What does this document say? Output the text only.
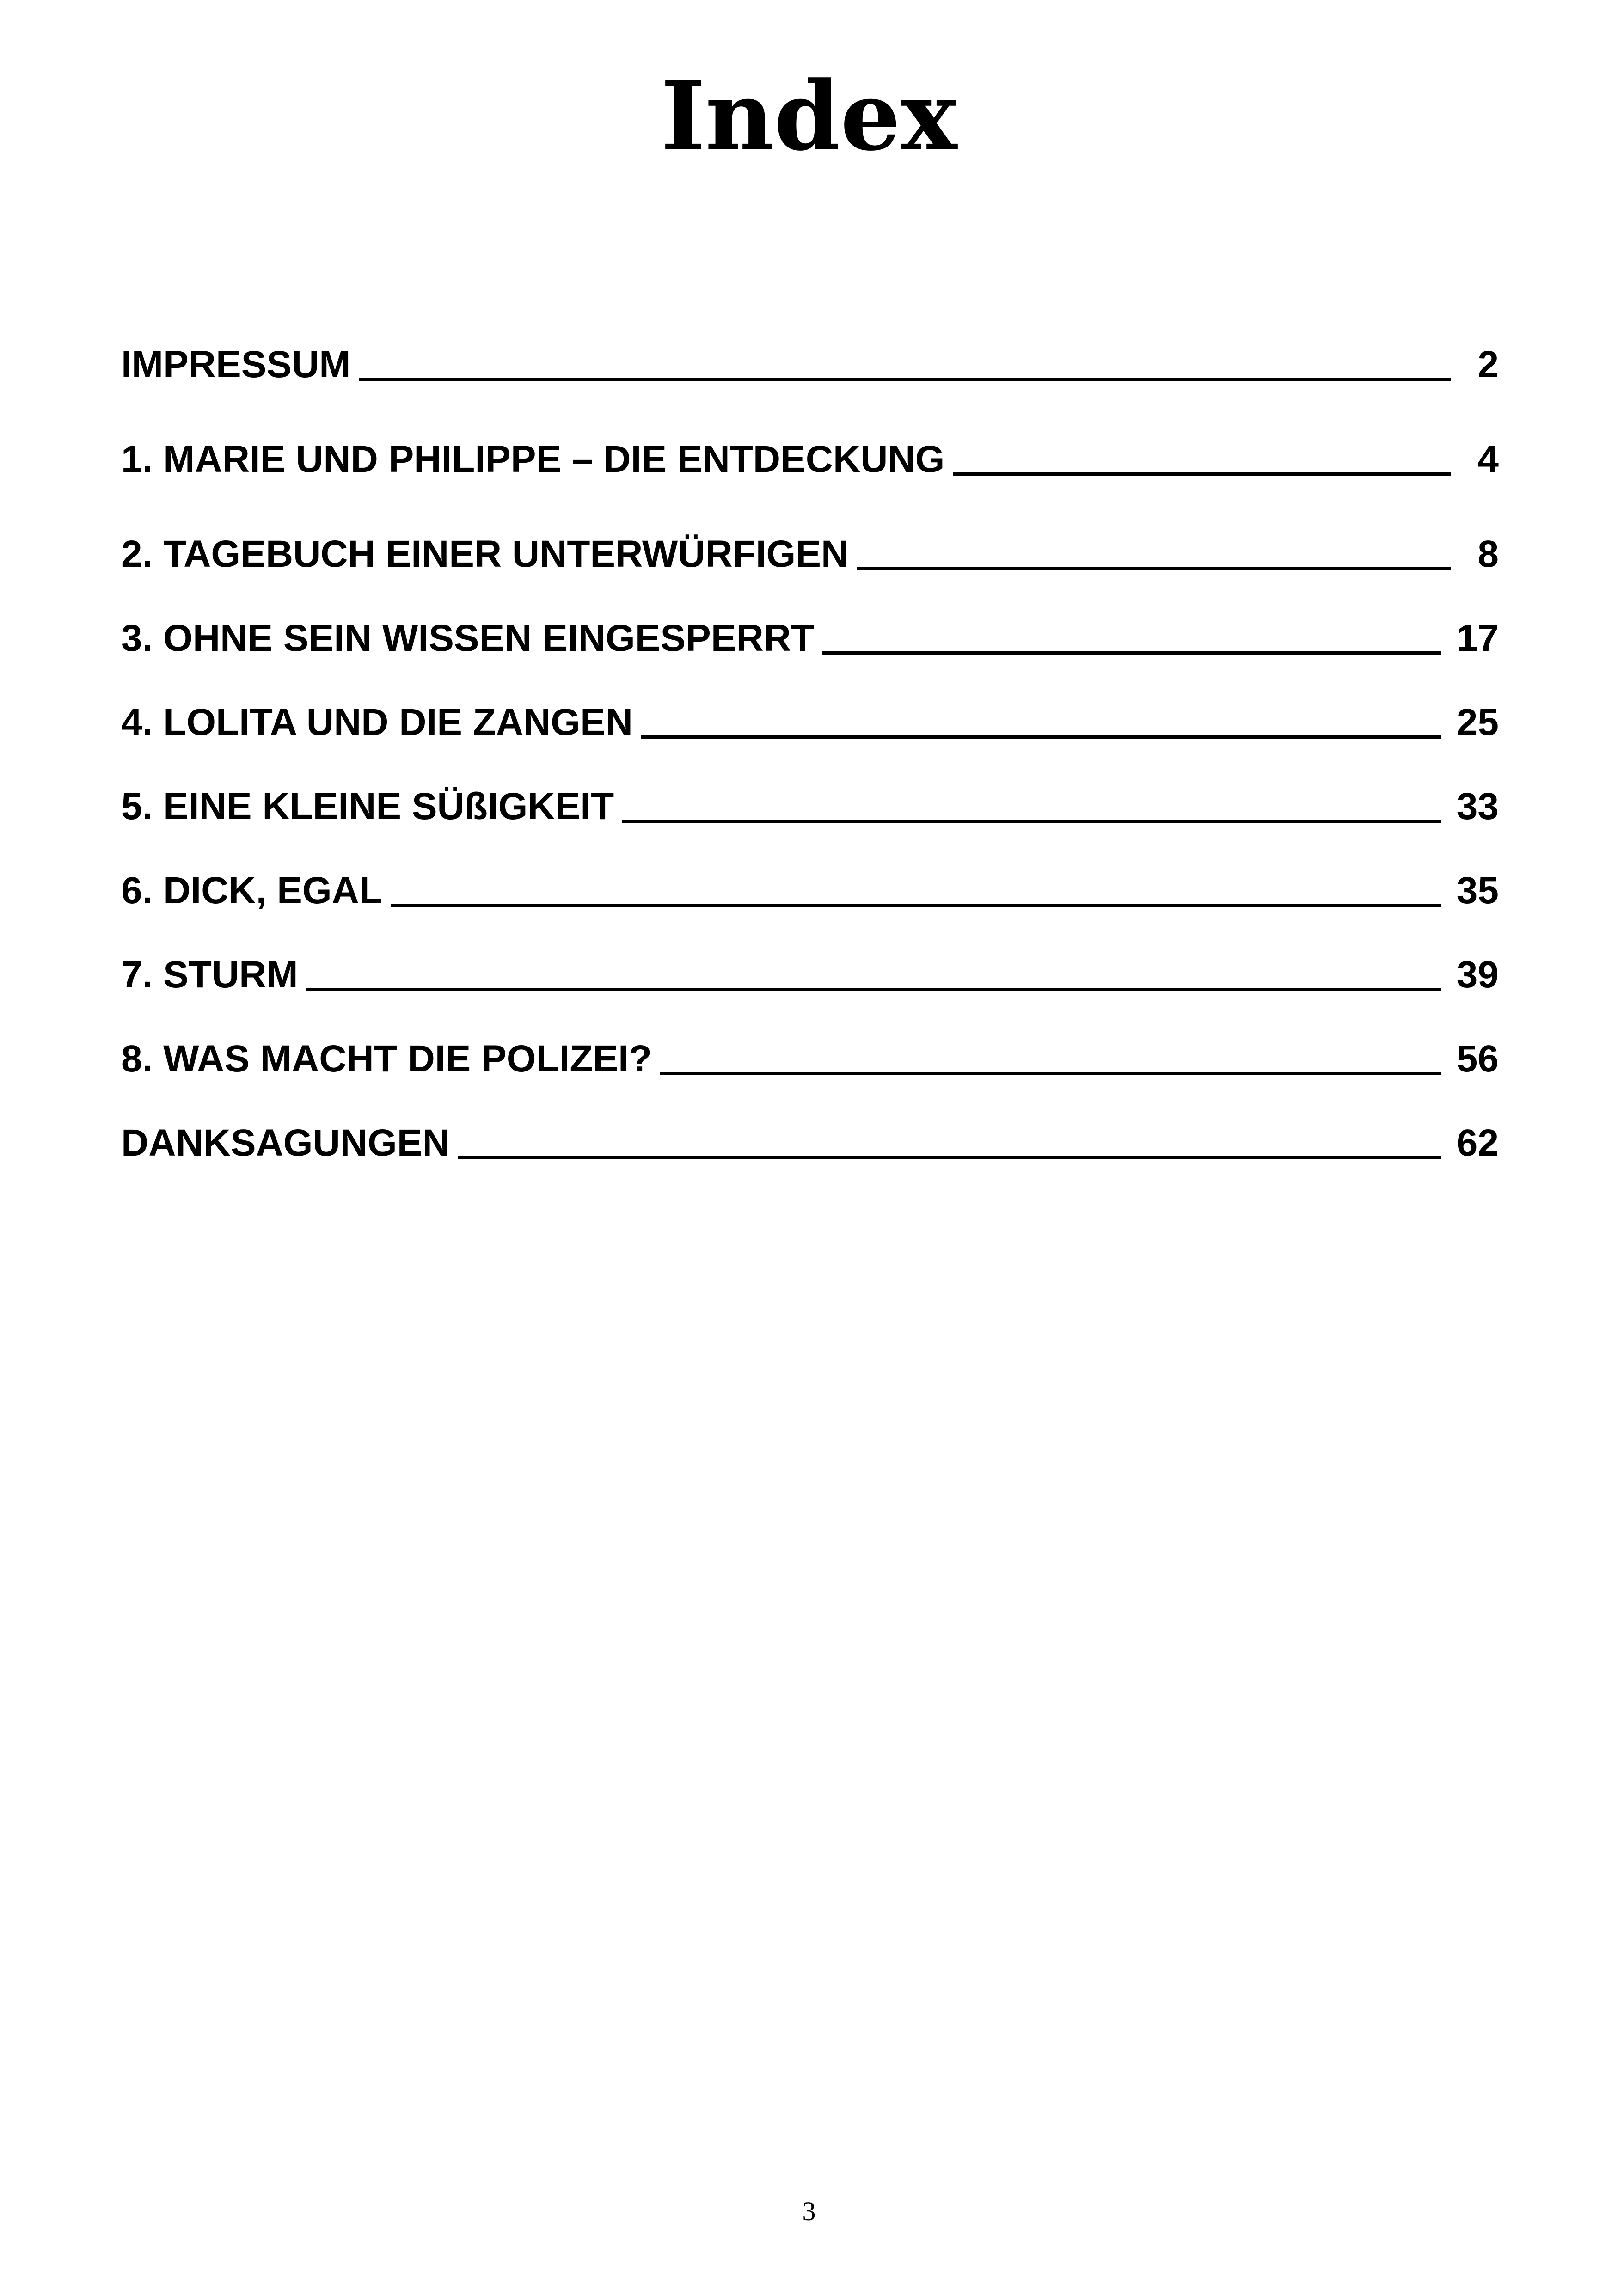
Index
IMPRESSUM	2
1. MARIE UND PHILIPPE – DIE ENTDECKUNG	4
2. TAGEBUCH EINER UNTERWÜRFIGEN	8
3. OHNE SEIN WISSEN EINGESPERRT	17
4. LOLITA UND DIE ZANGEN	25
5. EINE KLEINE SÜßIGKEIT	33
6. DICK, EGAL	35
7. STURM	39
8. WAS MACHT DIE POLIZEI?	56
DANKSAGUNGEN	62
3
